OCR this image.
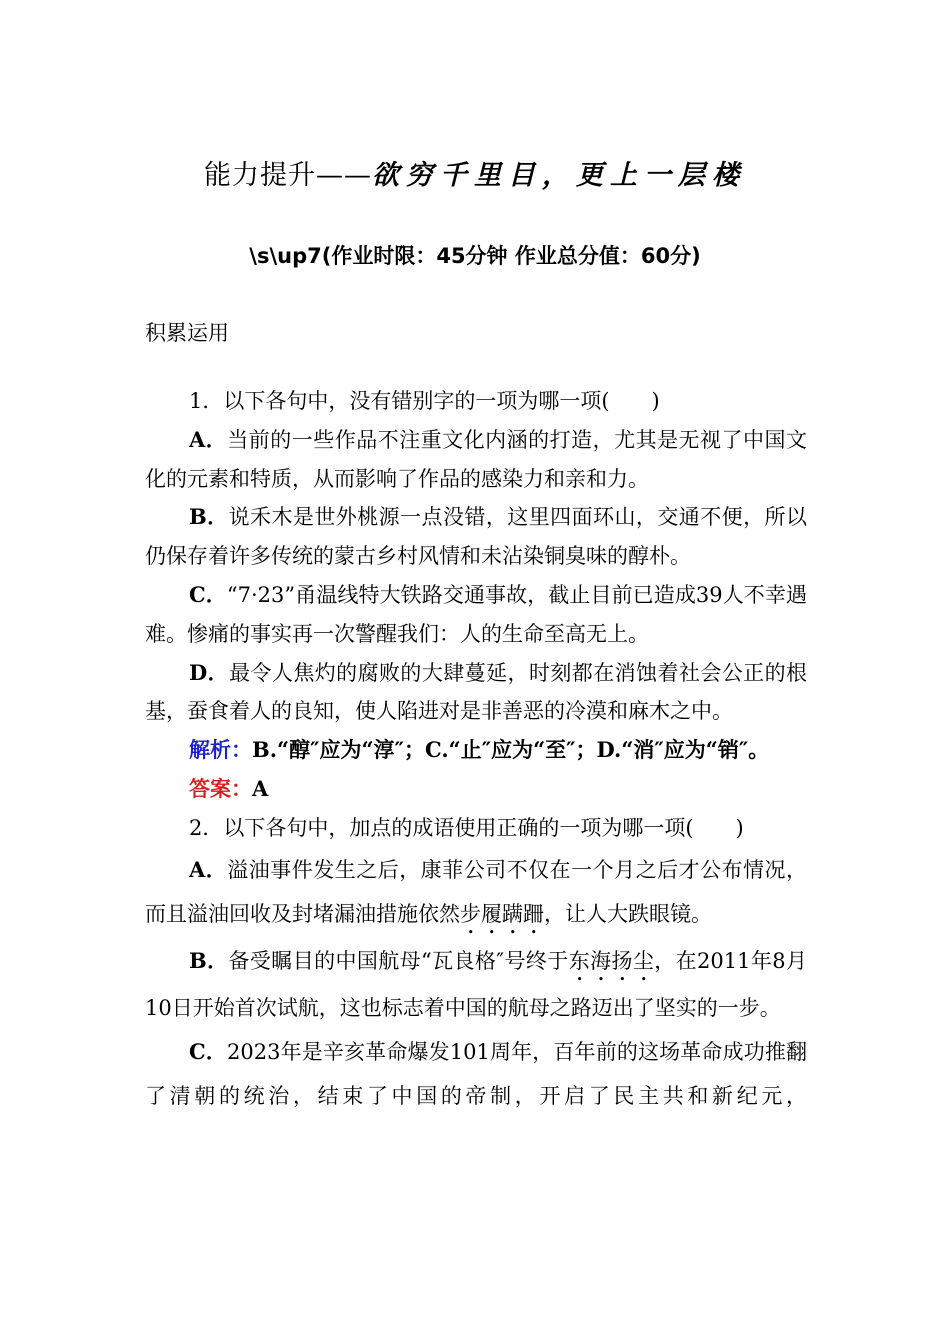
能力提升——欲穷千里目，更上一层楼
\s\up7(作业时限：45分钟 作业总分值：60分)
积累运用

1．以下各句中，没有错别字的一项为哪一项(　　)

A．当前的一些作品不注重文化内涵的打造，尤其是无视了中国文化的元素和特质，从而影响了作品的感染力和亲和力。

B．说禾木是世外桃源一点没错，这里四面环山，交通不便，所以仍保存着许多传统的蒙古乡村风情和未沾染铜臭味的醇朴。

C．“7·23”甬温线特大铁路交通事故，截止目前已造成39人不幸遇难。惨痛的事实再一次警醒我们：人的生命至高无上。

D．最令人焦灼的腐败的大肆蔓延，时刻都在消蚀着社会公正的根基，蚕食着人的良知，使人陷进对是非善恶的冷漠和麻木之中。

解析：B.“醇″应为“淳″；C.“止″应为“至″；D.“消″应为“销″。

答案：A

2．以下各句中，加点的成语使用正确的一项为哪一项(　　)

A．溢油事件发生之后，康菲公司不仅在一个月之后才公布情况，而且溢油回收及封堵漏油措施依然步履蹒跚，让人大跌眼镜。

B．备受瞩目的中国航母“瓦良格″号终于东海扬尘，在2011年8月10日开始首次试航，这也标志着中国的航母之路迈出了坚实的一步。

C．2023年是辛亥革命爆发101周年，百年前的这场革命成功推翻了清朝的统治，结束了中国的帝制，开启了民主共和新纪元，
